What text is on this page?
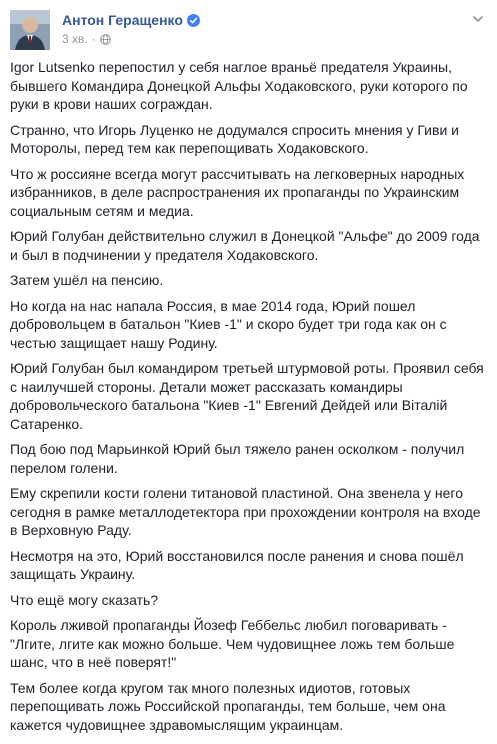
Антон Геращенко
3 хв. ·

Igor Lutsenko перепостил у себя наглое враньё предателя Украины, бывшего Командира Донецкой Альфы Ходаковского, руки которого по руки в крови наших сограждан.

Странно, что Игорь Луценко не додумался спросить мнения у Гиви и Моторолы, перед тем как перепощивать Ходаковского.

Что ж россияне всегда могут рассчитывать на легковерных народных избранников, в деле распространения их пропаганды по Украинским социальным сетям и медиа.

Юрий Голубан действительно служил в Донецкой "Альфе" до 2009 года и был в подчинении у предателя Ходаковского.

Затем ушёл на пенсию.

Но когда на нас напала Россия, в мае 2014 года, Юрий пошел добровольцем в батальон "Киев -1" и скоро будет три года как он с честью защищает нашу Родину.

Юрий Голубан был командиром третьей штурмовой роты. Проявил себя с наилучшей стороны. Детали может рассказать командиры добровольческого батальона "Киев -1" Евгений Дейдей или Віталій Сатаренко.

Под бою под Марьинкой Юрий был тяжело ранен осколком - получил перелом голени.

Ему скрепили кости голени титановой пластиной. Она звенела у него сегодня в рамке металлодетектора при прохождении контроля на входе в Верховную Раду.

Несмотря на это, Юрий восстановился после ранения и снова пошёл защищать Украину.

Что ещё могу сказать?

Король лживой пропаганды Йозеф Геббельс любил поговаривать - "Лгите, лгите как можно больше. Чем чудовищнее ложь тем больше шанс, что в неё поверят!"

Тем более когда кругом так много полезных идиотов, готовых перепощивать ложь Российской пропаганды, тем больше, чем она кажется чудовищнее здравомыслящим украинцам.
